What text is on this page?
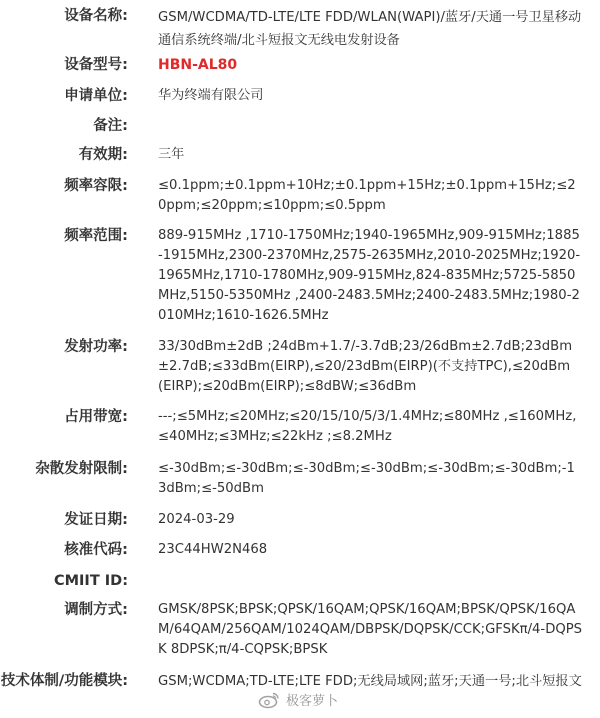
设备名称: GSM/WCDMA/TD-LTE/LTE FDD/WLAN(WAPI)/蓝牙/天通一号卫星移动通信系统终端/北斗短报文无线电发射设备
设备型号: HBN-AL80
申请单位: 华为终端有限公司
备注:
有效期: 三年
频率容限: ≤0.1ppm;±0.1ppm+10Hz;±0.1ppm+15Hz;±0.1ppm+15Hz;≤20ppm;≤20ppm;≤10ppm;≤0.5ppm
频率范围: 889-915MHz ,1710-1750MHz;1940-1965MHz,909-915MHz;1885-1915MHz,2300-2370MHz,2575-2635MHz,2010-2025MHz;1920-1965MHz,1710-1780MHz,909-915MHz,824-835MHz;5725-5850MHz,5150-5350MHz ,2400-2483.5MHz;2400-2483.5MHz;1980-2010MHz;1610-1626.5MHz
发射功率: 33/30dBm±2dB ;24dBm+1.7/-3.7dB;23/26dBm±2.7dB;23dBm±2.7dB;≤33dBm(EIRP),≤20/23dBm(EIRP)(不支持TPC),≤20dBm(EIRP);≤20dBm(EIRP);≤8dBW;≤36dBm
占用带宽: ---;≤5MHz;≤20MHz;≤20/15/10/5/3/1.4MHz;≤80MHz ,≤160MHz,≤40MHz;≤3MHz;≤22kHz ;≤8.2MHz
杂散发射限制: ≤-30dBm;≤-30dBm;≤-30dBm;≤-30dBm;≤-30dBm;≤-30dBm;-13dBm;≤-50dBm
发证日期: 2024-03-29
核准代码: 23C44HW2N468
CMIIT ID:
调制方式: GMSK/8PSK;BPSK;QPSK/16QAM;QPSK/16QAM;BPSK/QPSK/16QAM/64QAM/256QAM/1024QAM/DBPSK/DQPSK/CCK;GFSKπ/4-DQPSK 8DPSK;π/4-CQPSK;BPSK
技术体制/功能模块: GSM;WCDMA;TD-LTE;LTE FDD;无线局域网;蓝牙;天通一号;北斗短报文
极客萝卜
